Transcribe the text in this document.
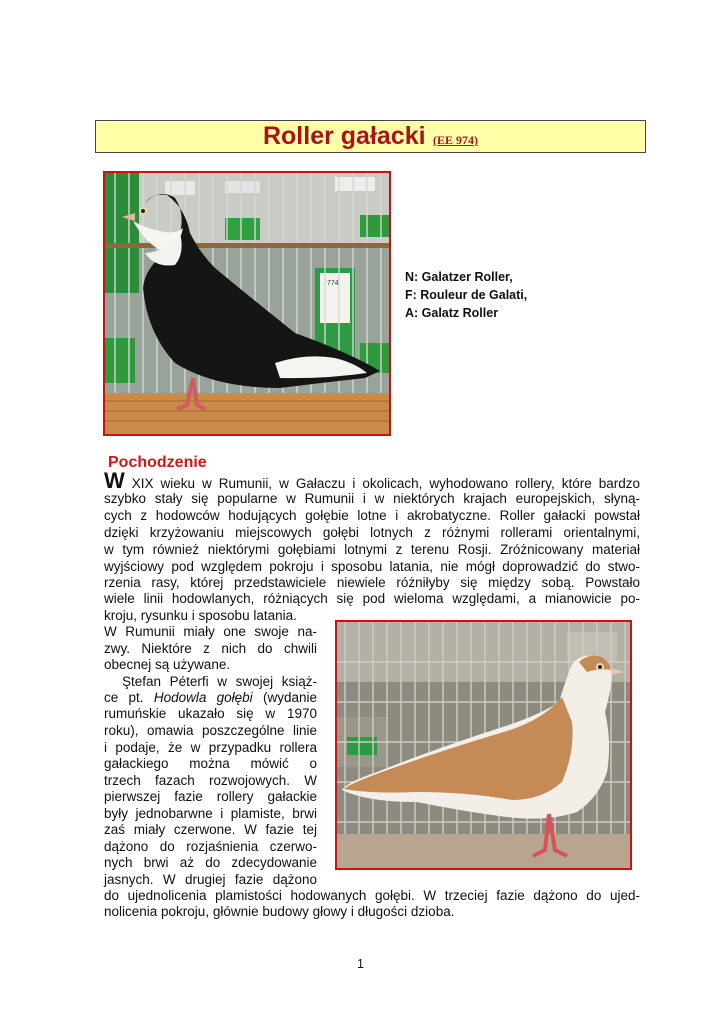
Roller gałacki (EE 974)
774	N: Galatzer Roller,
F: Rouleur de Galati,
A: Galatz Roller
Pochodzenie
W XIX wieku w Rumunii, w Gałaczu i okolicach, wyhodowano rollery, które bardzo
szybko stały się popularne w Rumunii i w niektórych krajach europejskich, słyną-
cych z hodowców hodujących gołębie lotne i akrobatyczne. Roller gałacki powstał
dzięki krzyżowaniu miejscowych gołębi lotnych z różnymi rollerami orientalnymi,
w tym również niektórymi gołębiami lotnymi z terenu Rosji. Zróżnicowany materiał
wyjściowy pod względem pokroju i sposobu latania, nie mógł doprowadzić do stwo-
rzenia rasy, której przedstawiciele niewiele różniłyby się między sobą. Powstało
wiele linii hodowlanych, różniących się pod wieloma względami, a mianowicie po-
kroju, rysunku i sposobu latania.
W Rumunii miały one swoje na-
zwy. Niektóre z nich do chwili
obecnej są używane.
Ştefan Péterfi w swojej książ-
ce pt. Hodowla gołębi (wydanie
rumuńskie ukazało się w 1970
roku), omawia poszczególne linie
i podaje, że w przypadku rollera
gałackiego można mówić o
trzech fazach rozwojowych. W
pierwszej fazie rollery gałackie
były jednobarwne i plamiste, brwi
zaś miały czerwone. W fazie tej
dążono do rozjaśnienia czerwo-
nych brwi aż do zdecydowanie
jasnych. W drugiej fazie dążono
do ujednolicenia plamistości hodowanych gołębi. W trzeciej fazie dążono do ujed-
nolicenia pokroju, głównie budowy głowy i długości dzioba.
1
